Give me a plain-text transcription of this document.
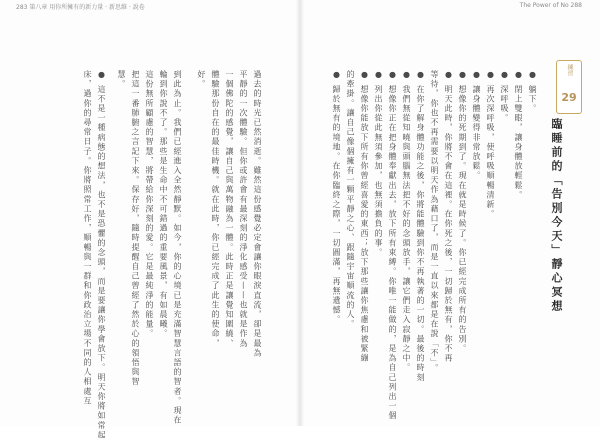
283 第八章 用你所擁有的新力量 · 新思維 · 說卷	The Power of No 288
練習
29
臨睡前的「告別今天」靜心冥想
● 躺下。
● 閉上雙眼，讓身體放輕鬆。
● 深呼吸。
● 再次深呼吸，使呼吸順暢清新。
● 讓身體變得非常放鬆。
● 想像你的死期到了。現在就是時候了。你已經完成所有的告別。
● 明天此時，你將不會在這裡。在你死之後，一切歸於無有，你不再
等待，你也不再需要以明天作為藉口了，而是一直以來都是在說「不」。
● 在你了解身體功能之後，你將能體驗到你不再執著的一切。最後的時刻
● 我們無從知曉與頭腦無法把不好的念頭放手，讓它們走入寂靜之中。
● 想像你正在把身體奉獻出去，放下所有束縛。你唯一能做的，是為自己列出一個
● 列出你從此無須參加，也無須擔負的事。
● 想像你能放下所有你曾經喜愛的東西；放下那些讓你焦慮和被緊繃
的牽掛。讓自己像個擁有一顆平靜之心、跟隨宇宙順流的人。
● 歸於無有的境地。在你臨終之際，一切圓滿，再無遺憾。
過去的時光已然消逝。雖然這份感覺必定會讓你眼淚直流，卻是最為
平靜的一次體驗。但你或許會有最深刻的淨化感受——也就是作為
一個佛陀的感覺，讓自己與萬物融為一體。此時正是讓覺知圍繞、
體驗那份自在的最佳時機。就在此時，你已經完成了此生的使命，
好。
到此為止。我們已經進入全然靜默。如今，你的心境已是充滿智慧言語的智者。現在
輪到你說不了。那些是生命中不可錯過的重要風景，有如晨曦。
這份無所顧慮的智慧，將帶給你深刻的愛。它是最純淨的能量。
把這一番肺腑之言記下來。保存好，隨時提醒自己曾經了然於心的領悟與智
慧。
● 這不是一種病態的想法，也不是恐懼的念頭，而是要讓你學會放下。明天你將如常起
床，過你的尋常日子。你將照常工作，順暢與一群和你政治立場不同的人相處互
